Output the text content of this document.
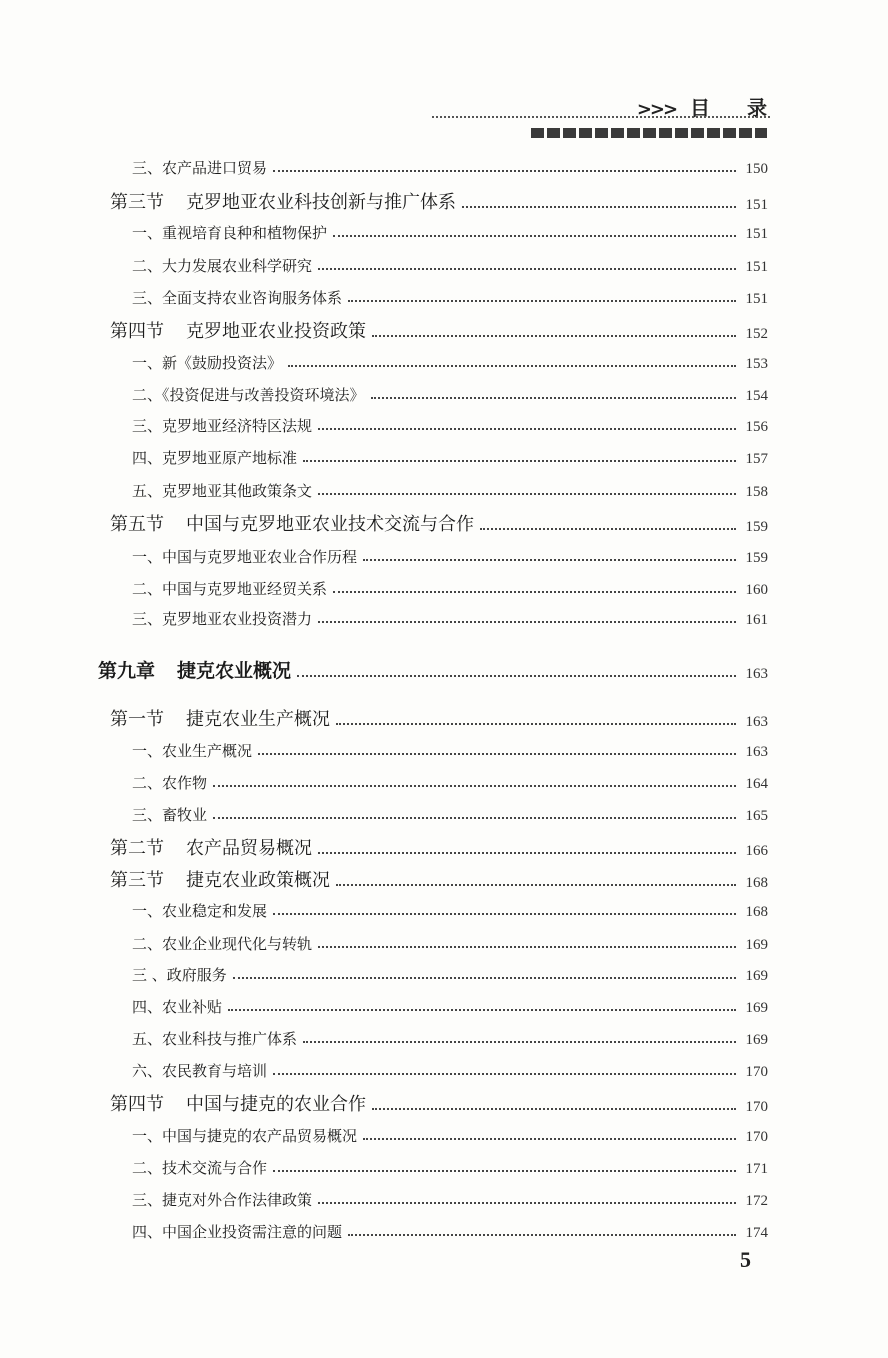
>>> 目 录
三、农产品进口贸易	150
第三节 克罗地亚农业科技创新与推广体系	151
一、重视培育良种和植物保护	151
二、大力发展农业科学研究	151
三、全面支持农业咨询服务体系	151
第四节 克罗地亚农业投资政策	152
一、新《鼓励投资法》	153
二、《投资促进与改善投资环境法》	154
三、克罗地亚经济特区法规	156
四、克罗地亚原产地标准	157
五、克罗地亚其他政策条文	158
第五节 中国与克罗地亚农业技术交流与合作	159
一、中国与克罗地亚农业合作历程	159
二、中国与克罗地亚经贸关系	160
三、克罗地亚农业投资潜力	161
第九章 捷克农业概况	163
第一节 捷克农业生产概况	163
一、农业生产概况	163
二、农作物	164
三、畜牧业	165
第二节 农产品贸易概况	166
第三节 捷克农业政策概况	168
一、农业稳定和发展	168
二、农业企业现代化与转轨	169
三 、政府服务	169
四、农业补贴	169
五、农业科技与推广体系	169
六、农民教育与培训	170
第四节 中国与捷克的农业合作	170
一、中国与捷克的农产品贸易概况	170
二、技术交流与合作	171
三、捷克对外合作法律政策	172
四、中国企业投资需注意的问题	174
5
